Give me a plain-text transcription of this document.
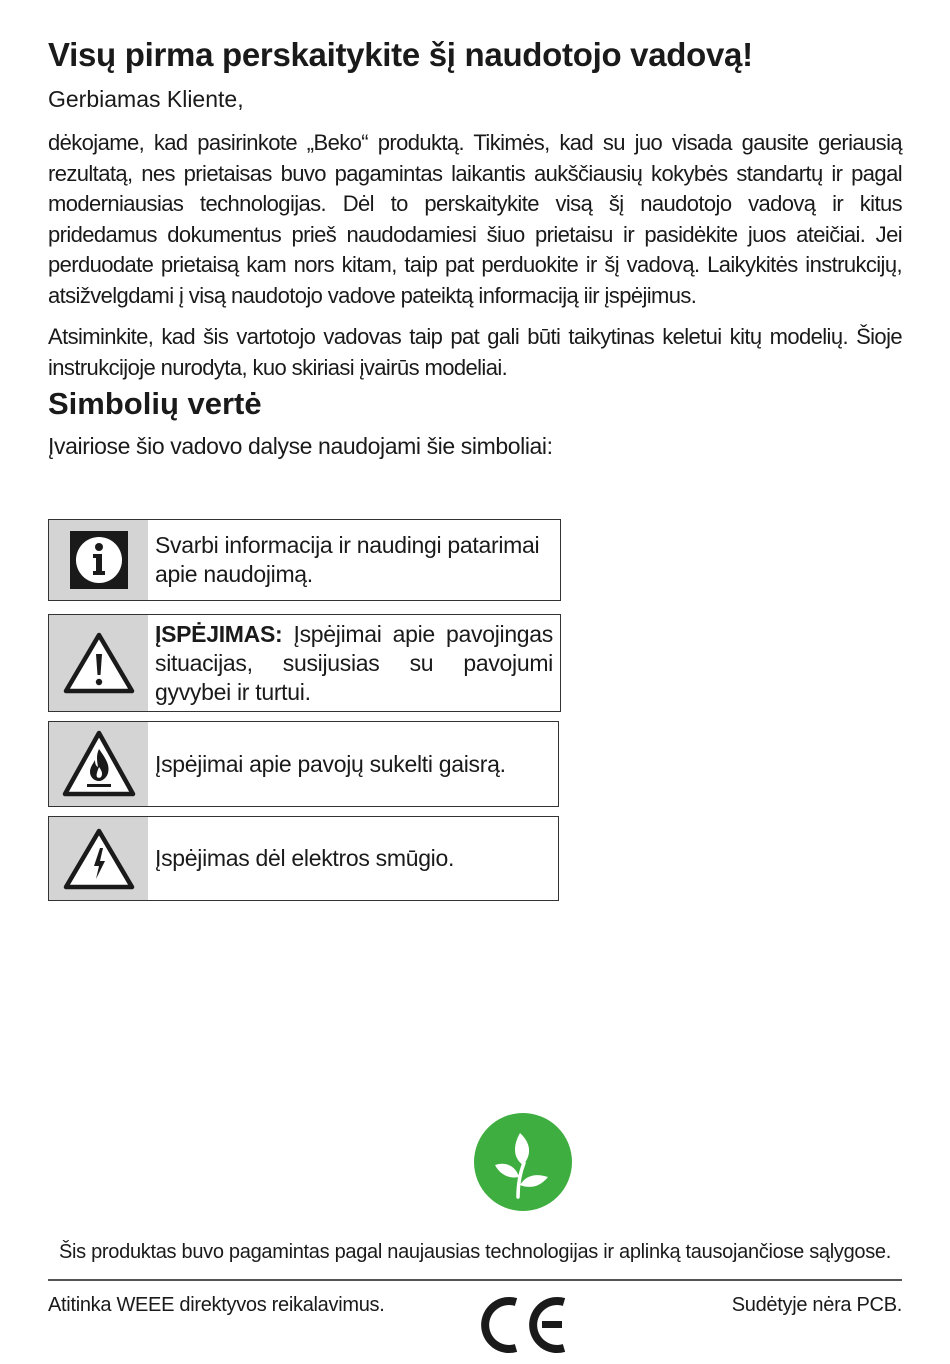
Visų pirma perskaitykite šį naudotojo vadovą!

Gerbiamas Kliente,

dėkojame, kad pasirinkote „Beko“ produktą. Tikimės, kad su juo visada gausite geriausią rezultatą, nes prietaisas buvo pagamintas laikantis aukščiausių kokybės standartų ir pagal moderniausias technologijas. Dėl to perskaitykite visą šį naudotojo vadovą ir kitus pridedamus dokumentus prieš naudodamiesi šiuo prietaisu ir pasidėkite juos ateičiai. Jei perduodate prietaisą kam nors kitam, taip pat perduokite ir šį vadovą. Laikykitės instrukcijų, atsižvelgdami į visą naudotojo vadove pateiktą informaciją iir įspėjimus.

Atsiminkite, kad šis vartotojo vadovas taip pat gali būti taikytinas keletui kitų modelių. Šioje instrukcijoje nurodyta, kuo skiriasi įvairūs modeliai.

Simbolių vertė

Įvairiose šio vadovo dalyse naudojami šie simboliai:

Svarbi informacija ir naudingi patarimai apie naudojimą.
ĮSPĖJIMAS: Įspėjimai apie pavojingas situacijas, susijusias su pavojumi gyvybei ir turtui.
Įspėjimai apie pavojų sukelti gaisrą.
Įspėjimas dėl elektros smūgio.

Šis produktas buvo pagamintas pagal naujausias technologijas ir aplinką tausojančiose sąlygose.

Atitinka WEEE direktyvos reikalavimus.	Sudėtyje nėra PCB.
